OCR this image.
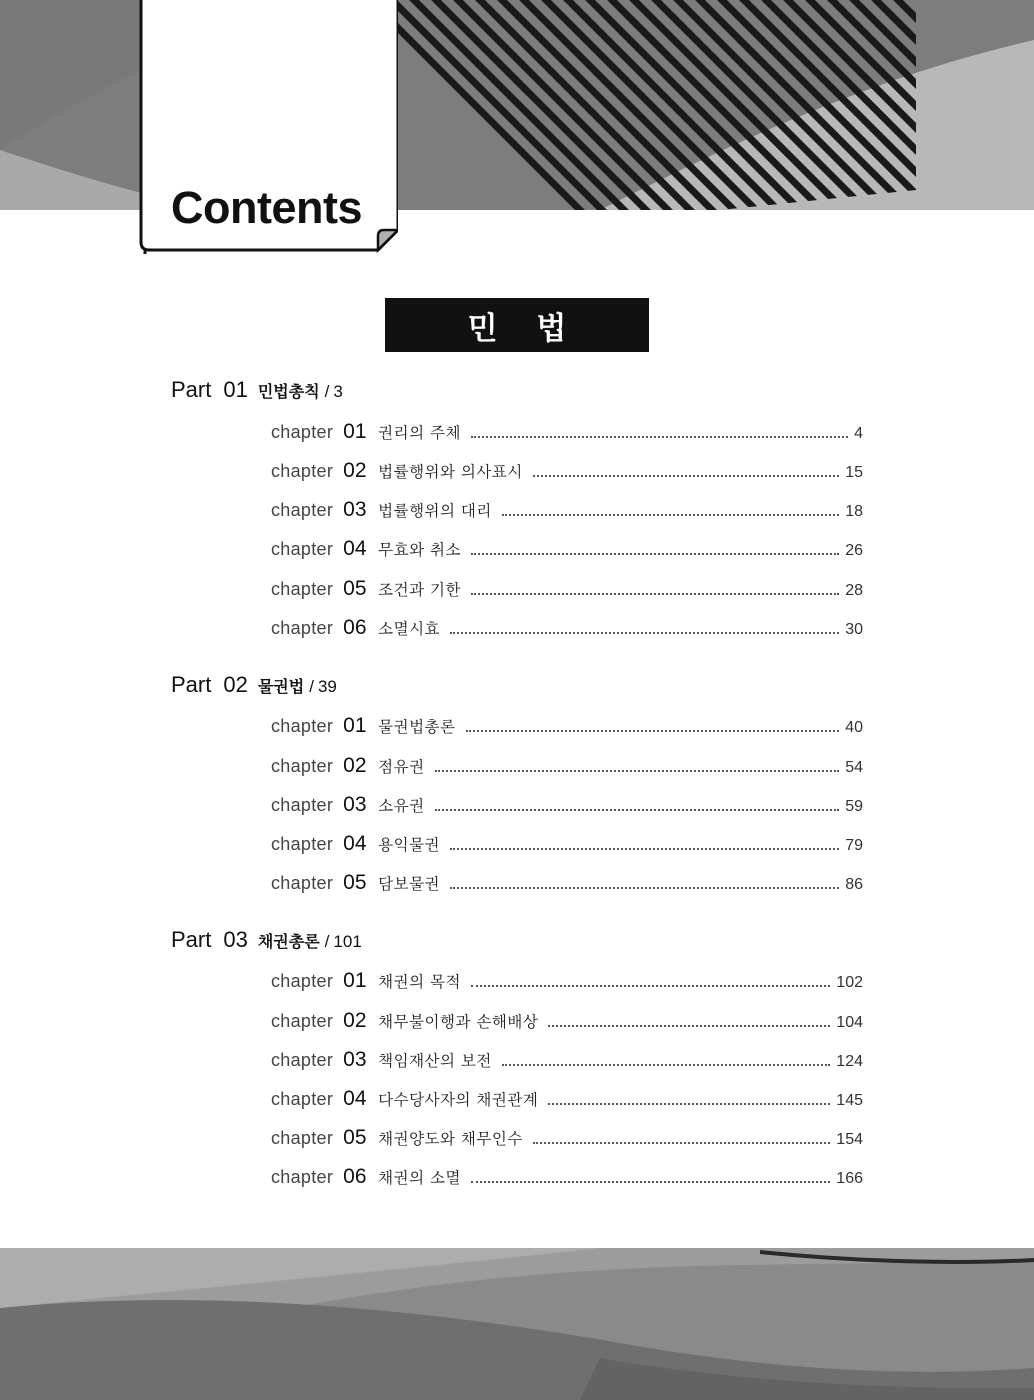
Contents
민 법
Part 01 민법총칙 / 3
chapter 01 권리의 주체	4
chapter 02 법률행위와 의사표시	15
chapter 03 법률행위의 대리	18
chapter 04 무효와 취소	26
chapter 05 조건과 기한	28
chapter 06 소멸시효	30
Part 02 물권법 / 39
chapter 01 물권법총론	40
chapter 02 점유권	54
chapter 03 소유권	59
chapter 04 용익물권	79
chapter 05 담보물권	86
Part 03 채권총론 / 101
chapter 01 채권의 목적	102
chapter 02 채무불이행과 손해배상	104
chapter 03 책임재산의 보전	124
chapter 04 다수당사자의 채권관계	145
chapter 05 채권양도와 채무인수	154
chapter 06 채권의 소멸	166
